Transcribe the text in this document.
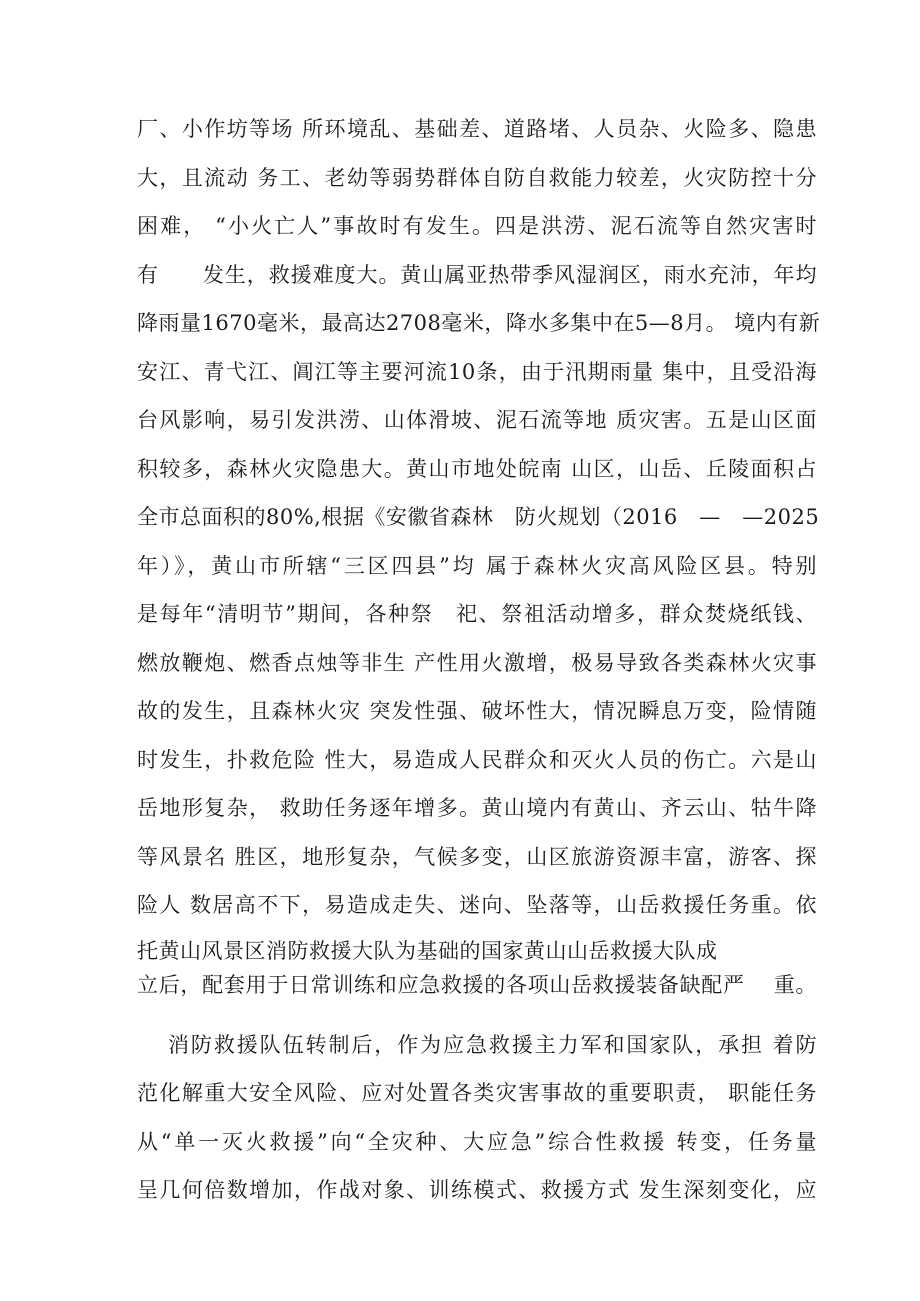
厂、小作坊等场 所环境乱、基础差、道路堵、人员杂、火险多、隐患
大，且流动 务工、老幼等弱势群体自防自救能力较差，火灾防控十分
困难， “小火亡人”事故时有发生。四是洪涝、泥石流等自然灾害时
有　　发生，救援难度大。黄山属亚热带季风湿润区，雨水充沛，年均
降雨量1670毫米，最高达2708毫米，降水多集中在5—8月。 境内有新
安江、青弋江、阊江等主要河流10条，由于汛期雨量 集中，且受沿海
台风影响，易引发洪涝、山体滑坡、泥石流等地 质灾害。五是山区面
积较多，森林火灾隐患大。黄山市地处皖南 山区，山岳、丘陵面积占
全市总面积的80%,根据《安徽省森林　防火规划（2016　—　—2025
年）》，黄山市所辖“三区四县”均 属于森林火灾高风险区县。特别
是每年“清明节”期间，各种祭　祀、祭祖活动增多，群众焚烧纸钱、
燃放鞭炮、燃香点烛等非生 产性用火激增，极易导致各类森林火灾事
故的发生，且森林火灾 突发性强、破坏性大，情况瞬息万变，险情随
时发生，扑救危险 性大，易造成人民群众和灭火人员的伤亡。六是山
岳地形复杂， 救助任务逐年增多。黄山境内有黄山、齐云山、牯牛降
等风景名 胜区，地形复杂，气候多变，山区旅游资源丰富，游客、探
险人 数居高不下，易造成走失、迷向、坠落等，山岳救援任务重。依
托黄山风景区消防救援大队为基础的国家黄山山岳救援大队成
立后，配套用于日常训练和应急救援的各项山岳救援装备缺配严　 重。
消防救援队伍转制后，作为应急救援主力军和国家队，承担 着防
范化解重大安全风险、应对处置各类灾害事故的重要职责， 职能任务
从“单一灭火救援”向“全灾种、大应急”综合性救援 转变，任务量
呈几何倍数增加，作战对象、训练模式、救援方式 发生深刻变化，应
